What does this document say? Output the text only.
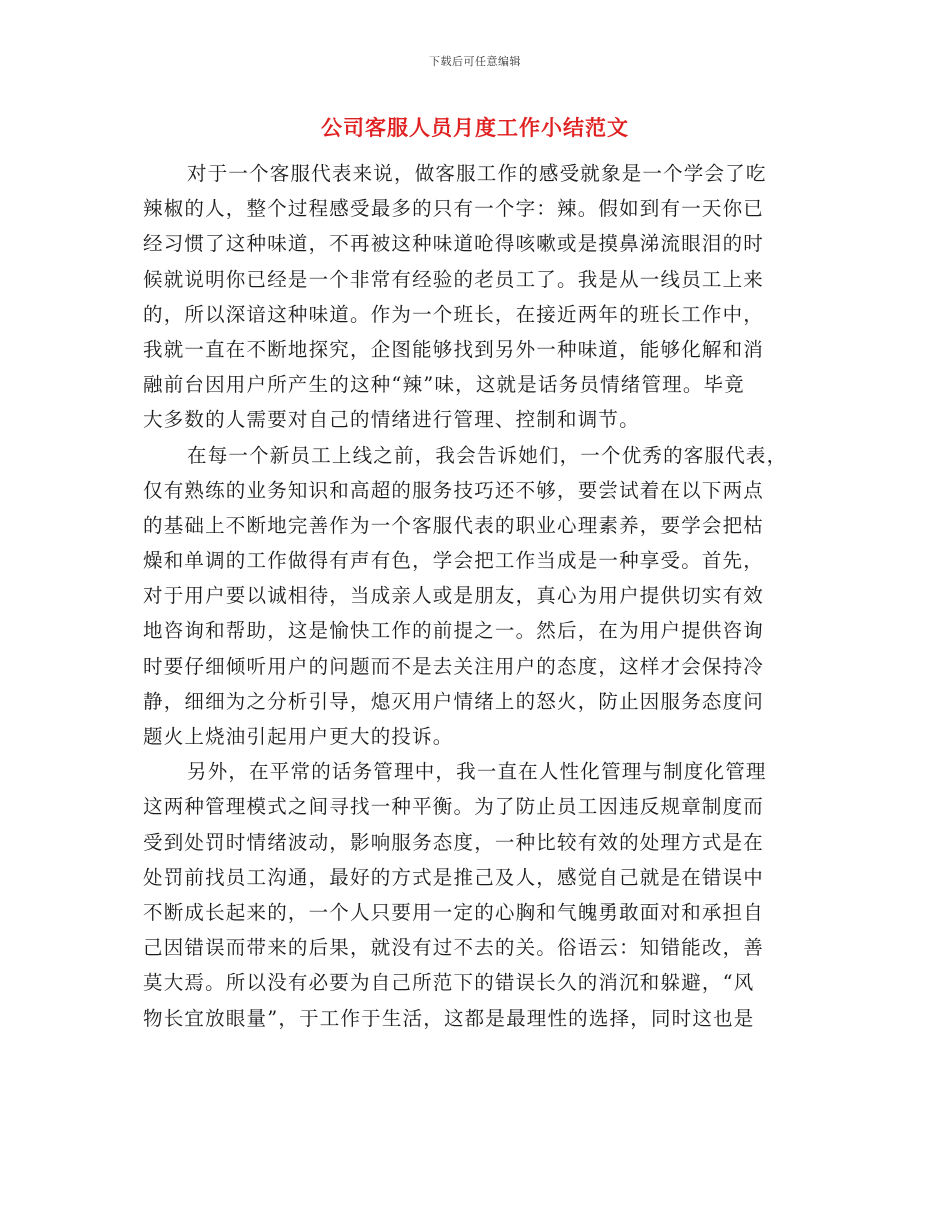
下载后可任意编辑
公司客服人员月度工作小结范文
对于一个客服代表来说，做客服工作的感受就象是一个学会了吃
辣椒的人，整个过程感受最多的只有一个字：辣。假如到有一天你已
经习惯了这种味道，不再被这种味道呛得咳嗽或是摸鼻涕流眼泪的时
候就说明你已经是一个非常有经验的老员工了。我是从一线员工上来
的，所以深谙这种味道。作为一个班长，在接近两年的班长工作中，
我就一直在不断地探究，企图能够找到另外一种味道，能够化解和消
融前台因用户所产生的这种“辣”味，这就是话务员情绪管理。毕竟
大多数的人需要对自己的情绪进行管理、控制和调节。
在每一个新员工上线之前，我会告诉她们，一个优秀的客服代表，
仅有熟练的业务知识和高超的服务技巧还不够，要尝试着在以下两点
的基础上不断地完善作为一个客服代表的职业心理素养，要学会把枯
燥和单调的工作做得有声有色，学会把工作当成是一种享受。首先，
对于用户要以诚相待，当成亲人或是朋友，真心为用户提供切实有效
地咨询和帮助，这是愉快工作的前提之一。然后，在为用户提供咨询
时要仔细倾听用户的问题而不是去关注用户的态度，这样才会保持冷
静，细细为之分析引导，熄灭用户情绪上的怒火，防止因服务态度问
题火上烧油引起用户更大的投诉。
另外，在平常的话务管理中，我一直在人性化管理与制度化管理
这两种管理模式之间寻找一种平衡。为了防止员工因违反规章制度而
受到处罚时情绪波动，影响服务态度，一种比较有效的处理方式是在
处罚前找员工沟通，最好的方式是推己及人，感觉自己就是在错误中
不断成长起来的，一个人只要用一定的心胸和气魄勇敢面对和承担自
己因错误而带来的后果，就没有过不去的关。俗语云：知错能改，善
莫大焉。所以没有必要为自己所范下的错误长久的消沉和躲避，“风
物长宜放眼量”，于工作于生活，这都是最理性的选择，同时这也是
